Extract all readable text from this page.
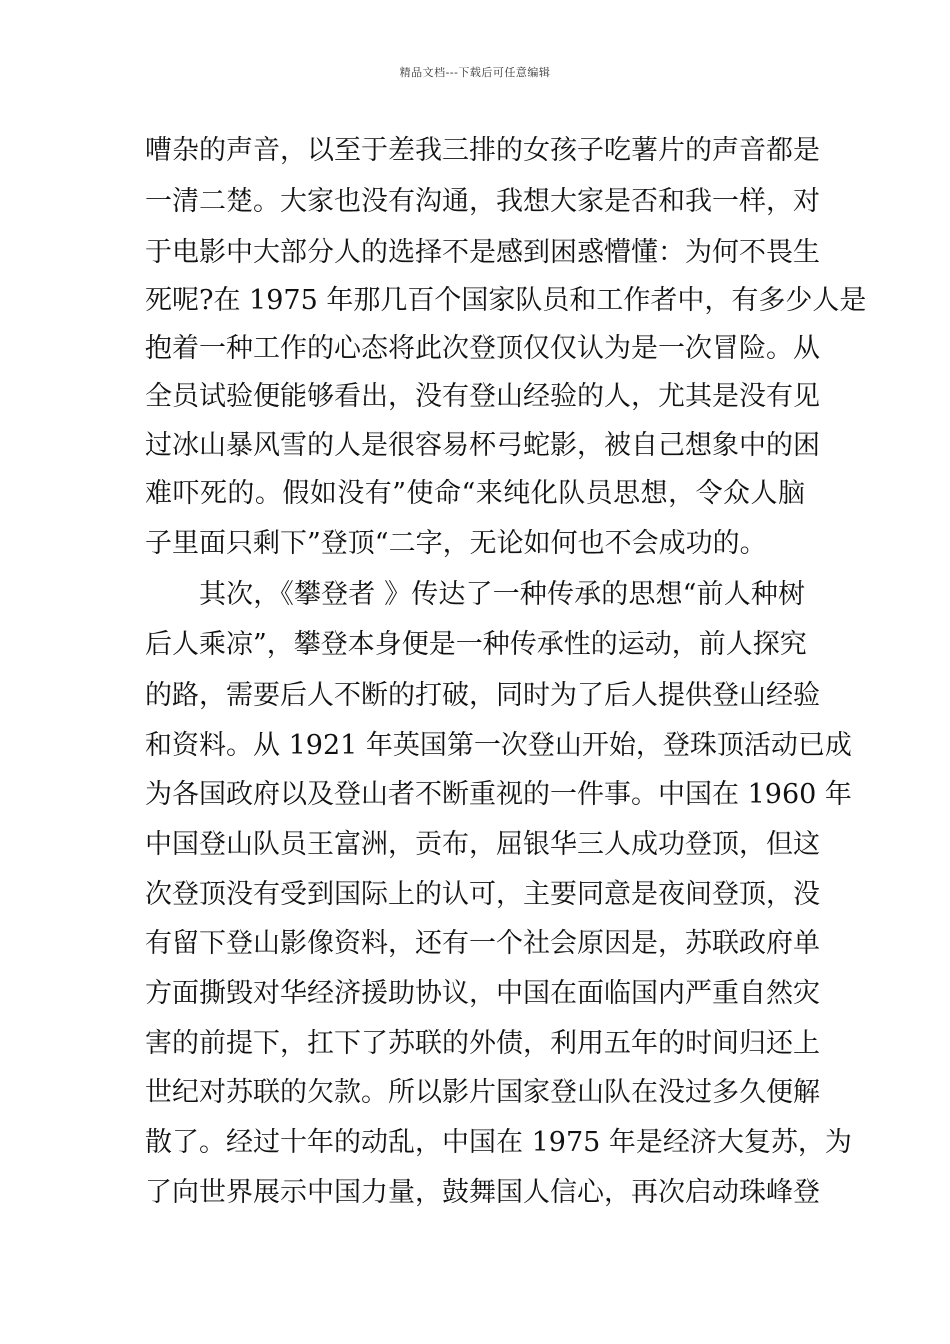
精品文档---下载后可任意编辑
嘈杂的声音，以至于差我三排的女孩子吃薯片的声音都是
一清二楚。大家也没有沟通，我想大家是否和我一样，对
于电影中大部分人的选择不是感到困惑懵懂：为何不畏生
死呢?在 1975 年那几百个国家队员和工作者中，有多少人是
抱着一种工作的心态将此次登顶仅仅认为是一次冒险。从
全员试验便能够看出，没有登山经验的人，尤其是没有见
过冰山暴风雪的人是很容易杯弓蛇影，被自己想象中的困
难吓死的。假如没有”使命“来纯化队员思想，令众人脑
子里面只剩下”登顶“二字，无论如何也不会成功的。
其次，《攀登者 》传达了一种传承的思想“前人种树
后人乘凉”，攀登本身便是一种传承性的运动，前人探究
的路，需要后人不断的打破，同时为了后人提供登山经验
和资料。从 1921 年英国第一次登山开始，登珠顶活动已成
为各国政府以及登山者不断重视的一件事。中国在 1960 年
中国登山队员王富洲，贡布，屈银华三人成功登顶，但这
次登顶没有受到国际上的认可，主要同意是夜间登顶，没
有留下登山影像资料，还有一个社会原因是，苏联政府单
方面撕毁对华经济援助协议，中国在面临国内严重自然灾
害的前提下，扛下了苏联的外债，利用五年的时间归还上
世纪对苏联的欠款。所以影片国家登山队在没过多久便解
散了。经过十年的动乱，中国在 1975 年是经济大复苏，为
了向世界展示中国力量，鼓舞国人信心，再次启动珠峰登
